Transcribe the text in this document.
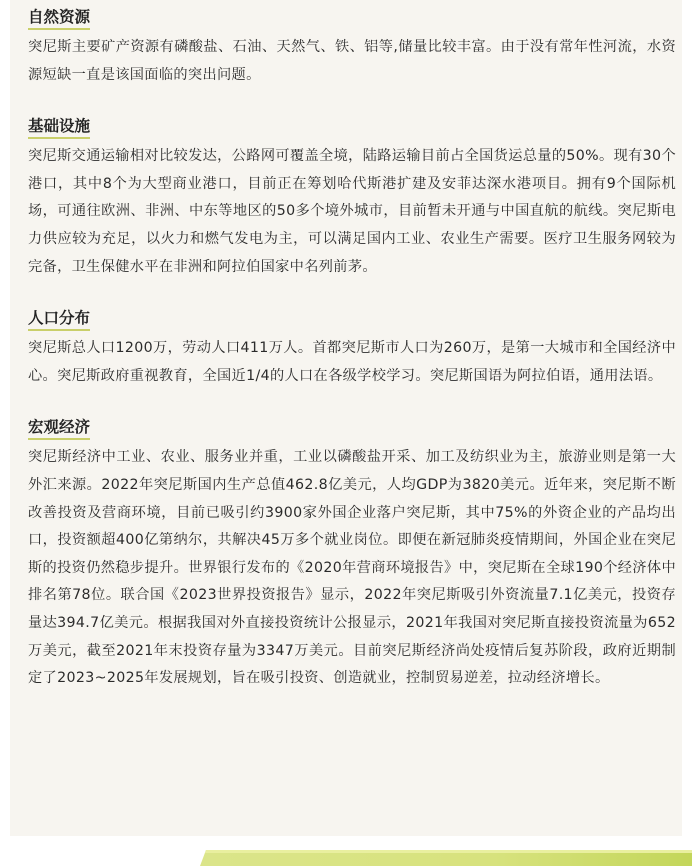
自然资源

突尼斯主要矿产资源有磷酸盐、石油、天然气、铁、铝等,储量比较丰富。由于没有常年性河流，水资源短缺一直是该国面临的突出问题。

基础设施

突尼斯交通运输相对比较发达，公路网可覆盖全境，陆路运输目前占全国货运总量的50%。现有30个港口，其中8个为大型商业港口，目前正在筹划哈代斯港扩建及安菲达深水港项目。拥有9个国际机场，可通往欧洲、非洲、中东等地区的50多个境外城市，目前暂未开通与中国直航的航线。突尼斯电力供应较为充足，以火力和燃气发电为主，可以满足国内工业、农业生产需要。医疗卫生服务网较为完备，卫生保健水平在非洲和阿拉伯国家中名列前茅。

人口分布

突尼斯总人口1200万，劳动人口411万人。首都突尼斯市人口为260万，是第一大城市和全国经济中心。突尼斯政府重视教育，全国近1/4的人口在各级学校学习。突尼斯国语为阿拉伯语，通用法语。

宏观经济

突尼斯经济中工业、农业、服务业并重，工业以磷酸盐开采、加工及纺织业为主，旅游业则是第一大外汇来源。2022年突尼斯国内生产总值462.8亿美元，人均GDP为3820美元。近年来，突尼斯不断改善投资及营商环境，目前已吸引约3900家外国企业落户突尼斯，其中75%的外资企业的产品均出口，投资额超400亿第纳尔，共解决45万多个就业岗位。即便在新冠肺炎疫情期间，外国企业在突尼斯的投资仍然稳步提升。世界银行发布的《2020年营商环境报告》中，突尼斯在全球190个经济体中排名第78位。联合国《2023世界投资报告》显示，2022年突尼斯吸引外资流量7.1亿美元，投资存量达394.7亿美元。根据我国对外直接投资统计公报显示，2021年我国对突尼斯直接投资流量为652万美元，截至2021年末投资存量为3347万美元。目前突尼斯经济尚处疫情后复苏阶段，政府近期制定了2023~2025年发展规划，旨在吸引投资、创造就业，控制贸易逆差，拉动经济增长。
